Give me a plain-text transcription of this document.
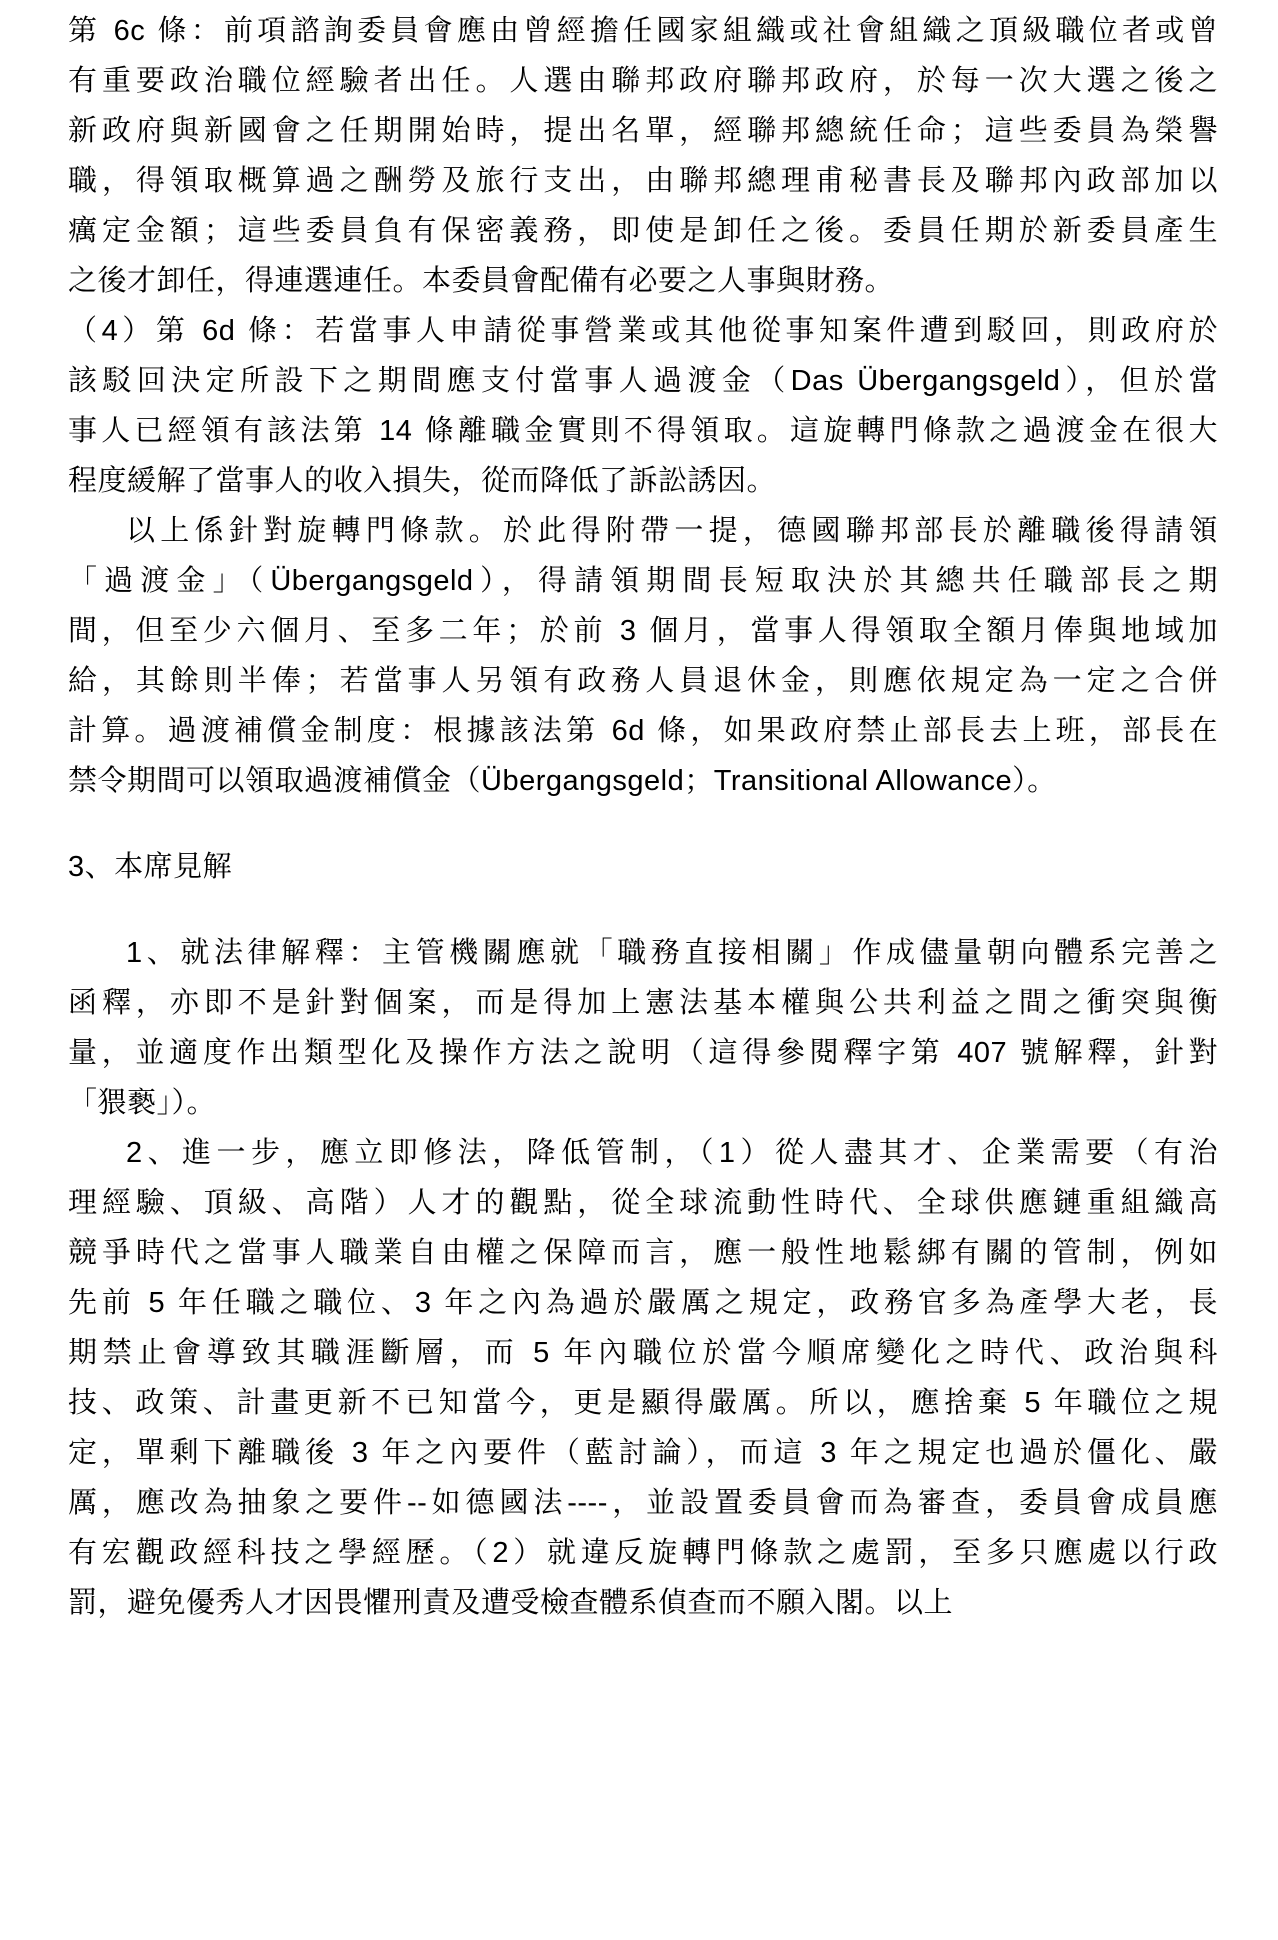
第 6c 條：前項諮詢委員會應由曾經擔任國家組織或社會組織之頂級職位者或曾
有重要政治職位經驗者出任。人選由聯邦政府聯邦政府，於每一次大選之後之
新政府與新國會之任期開始時，提出名單，經聯邦總統任命；這些委員為榮譽
職，得領取概算過之酬勞及旅行支出，由聯邦總理甫秘書長及聯邦內政部加以
癘定金額；這些委員負有保密義務，即使是卸任之後。委員任期於新委員產生
之後才卸任，得連選連任。本委員會配備有必要之人事與財務。
（4）第 6d 條：若當事人申請從事營業或其他從事知案件遭到駁回，則政府於
該駁回決定所設下之期間應支付當事人過渡金（Das Übergangsgeld），但於當
事人已經領有該法第 14 條離職金實則不得領取。這旋轉門條款之過渡金在很大
程度緩解了當事人的收入損失，從而降低了訴訟誘因。
以上係針對旋轉門條款。於此得附帶一提，德國聯邦部長於離職後得請領
「過渡金」（Übergangsgeld），得請領期間長短取決於其總共任職部長之期
間，但至少六個月、至多二年；於前 3 個月，當事人得領取全額月俸與地域加
給，其餘則半俸；若當事人另領有政務人員退休金，則應依規定為一定之合併
計算。過渡補償金制度：根據該法第 6d 條，如果政府禁止部長去上班，部長在
禁令期間可以領取過渡補償金（Übergangsgeld；Transitional Allowance）。
3、本席見解
1、就法律解釋：主管機關應就「職務直接相關」作成儘量朝向體系完善之
函釋，亦即不是針對個案，而是得加上憲法基本權與公共利益之間之衝突與衡
量，並適度作出類型化及操作方法之說明（這得參閱釋字第 407 號解釋，針對
「猥褻」）。
2、進一步，應立即修法，降低管制，（1）從人盡其才、企業需要（有治
理經驗、頂級、高階）人才的觀點，從全球流動性時代、全球供應鏈重組織高
競爭時代之當事人職業自由權之保障而言，應一般性地鬆綁有關的管制，例如
先前 5 年任職之職位、3 年之內為過於嚴厲之規定，政務官多為產學大老，長
期禁止會導致其職涯斷層，而 5 年內職位於當今順席變化之時代、政治與科
技、政策、計畫更新不已知當今，更是顯得嚴厲。所以，應捨棄 5 年職位之規
定，單剩下離職後 3 年之內要件（藍討論），而這 3 年之規定也過於僵化、嚴
厲，應改為抽象之要件--如德國法----，並設置委員會而為審查，委員會成員應
有宏觀政經科技之學經歷。（2）就違反旋轉門條款之處罰，至多只應處以行政
罰，避免優秀人才因畏懼刑責及遭受檢查體系偵查而不願入閣。以上
